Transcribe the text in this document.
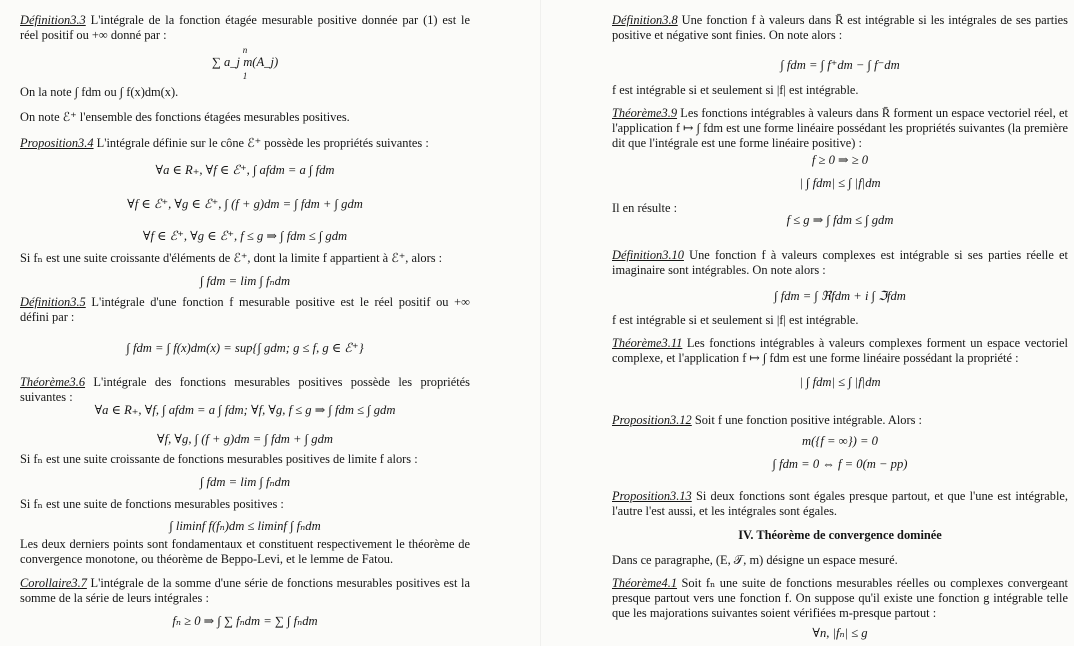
Définition3.3 L'intégrale de la fonction étagée mesurable positive donnée par (1) est le réel positif ou +∞ donné par :

n
∑ a_j m(A_j)
1

On la note ∫ fdm ou ∫ f(x)dm(x).

On note ℰ⁺ l'ensemble des fonctions étagées mesurables positives.

Proposition3.4 L'intégrale définie sur le cône ℰ⁺ possède les propriétés suivantes :

∀a ∈ R₊, ∀f ∈ ℰ⁺, ∫ afdm = a ∫ fdm
∀f ∈ ℰ⁺, ∀g ∈ ℰ⁺, ∫ (f + g)dm = ∫ fdm + ∫ gdm
∀f ∈ ℰ⁺, ∀g ∈ ℰ⁺, f ≤ g ⇒ ∫ fdm ≤ ∫ gdm

Si fₙ est une suite croissante d'éléments de ℰ⁺, dont la limite f appartient à ℰ⁺, alors :

∫ fdm = lim ∫ fₙdm

Définition3.5 L'intégrale d'une fonction f mesurable positive est le réel positif ou +∞ défini par :

∫ fdm = ∫ f(x)dm(x) = sup{∫ gdm; g ≤ f, g ∈ ℰ⁺}

Théorème3.6 L'intégrale des fonctions mesurables positives possède les propriétés suivantes :

∀a ∈ R₊, ∀f, ∫ afdm = a ∫ fdm; ∀f, ∀g, f ≤ g ⇒ ∫ fdm ≤ ∫ gdm
∀f, ∀g, ∫ (f + g)dm = ∫ fdm + ∫ gdm

Si fₙ est une suite croissante de fonctions mesurables positives de limite f alors :

∫ fdm = lim ∫ fₙdm

Si fₙ est une suite de fonctions mesurables positives :

∫ liminf f(fₙ)dm ≤ liminf ∫ fₙdm

Les deux derniers points sont fondamentaux et constituent respectivement le théorème de convergence monotone, ou théorème de Beppo-Levi, et le lemme de Fatou.

Corollaire3.7 L'intégrale de la somme d'une série de fonctions mesurables positives est la somme de la série de leurs intégrales :

fₙ ≥ 0 ⇒ ∫ ∑ fₙdm = ∑ ∫ fₙdm

Définition3.8 Une fonction f à valeurs dans R̄ est intégrable si les intégrales de ses parties positive et négative sont finies. On note alors :

∫ fdm = ∫ f⁺dm − ∫ f⁻dm

f est intégrable si et seulement si |f| est intégrable.

Théorème3.9 Les fonctions intégrables à valeurs dans R̄ forment un espace vectoriel réel, et l'application f ↦ ∫ fdm est une forme linéaire possédant les propriétés suivantes (la première dit que l'intégrale est une forme linéaire positive) :

f ≥ 0 ⇒ ≥ 0
| ∫ fdm| ≤ ∫ |f|dm

Il en résulte :

f ≤ g ⇒ ∫ fdm ≤ ∫ gdm

Définition3.10 Une fonction f à valeurs complexes est intégrable si ses parties réelle et imaginaire sont intégrables. On note alors :

∫ fdm = ∫ ℜfdm + i ∫ ℑfdm

f est intégrable si et seulement si |f| est intégrable.

Théorème3.11 Les fonctions intégrables à valeurs complexes forment un espace vectoriel complexe, et l'application f ↦ ∫ fdm est une forme linéaire possédant la propriété :

| ∫ fdm| ≤ ∫ |f|dm

Proposition3.12 Soit f une fonction positive intégrable. Alors :

m({f = ∞}) = 0
∫ fdm = 0 ⇔ f = 0(m − pp)

Proposition3.13 Si deux fonctions sont égales presque partout, et que l'une est intégrable, l'autre l'est aussi, et les intégrales sont égales.

IV. Théorème de convergence dominée

Dans ce paragraphe, (E, 𝒯, m) désigne un espace mesuré.

Théorème4.1 Soit fₙ une suite de fonctions mesurables réelles ou complexes convergeant presque partout vers une fonction f. On suppose qu'il existe une fonction g intégrable telle que les majorations suivantes soient vérifiées m-presque partout :

∀n, |fₙ| ≤ g
